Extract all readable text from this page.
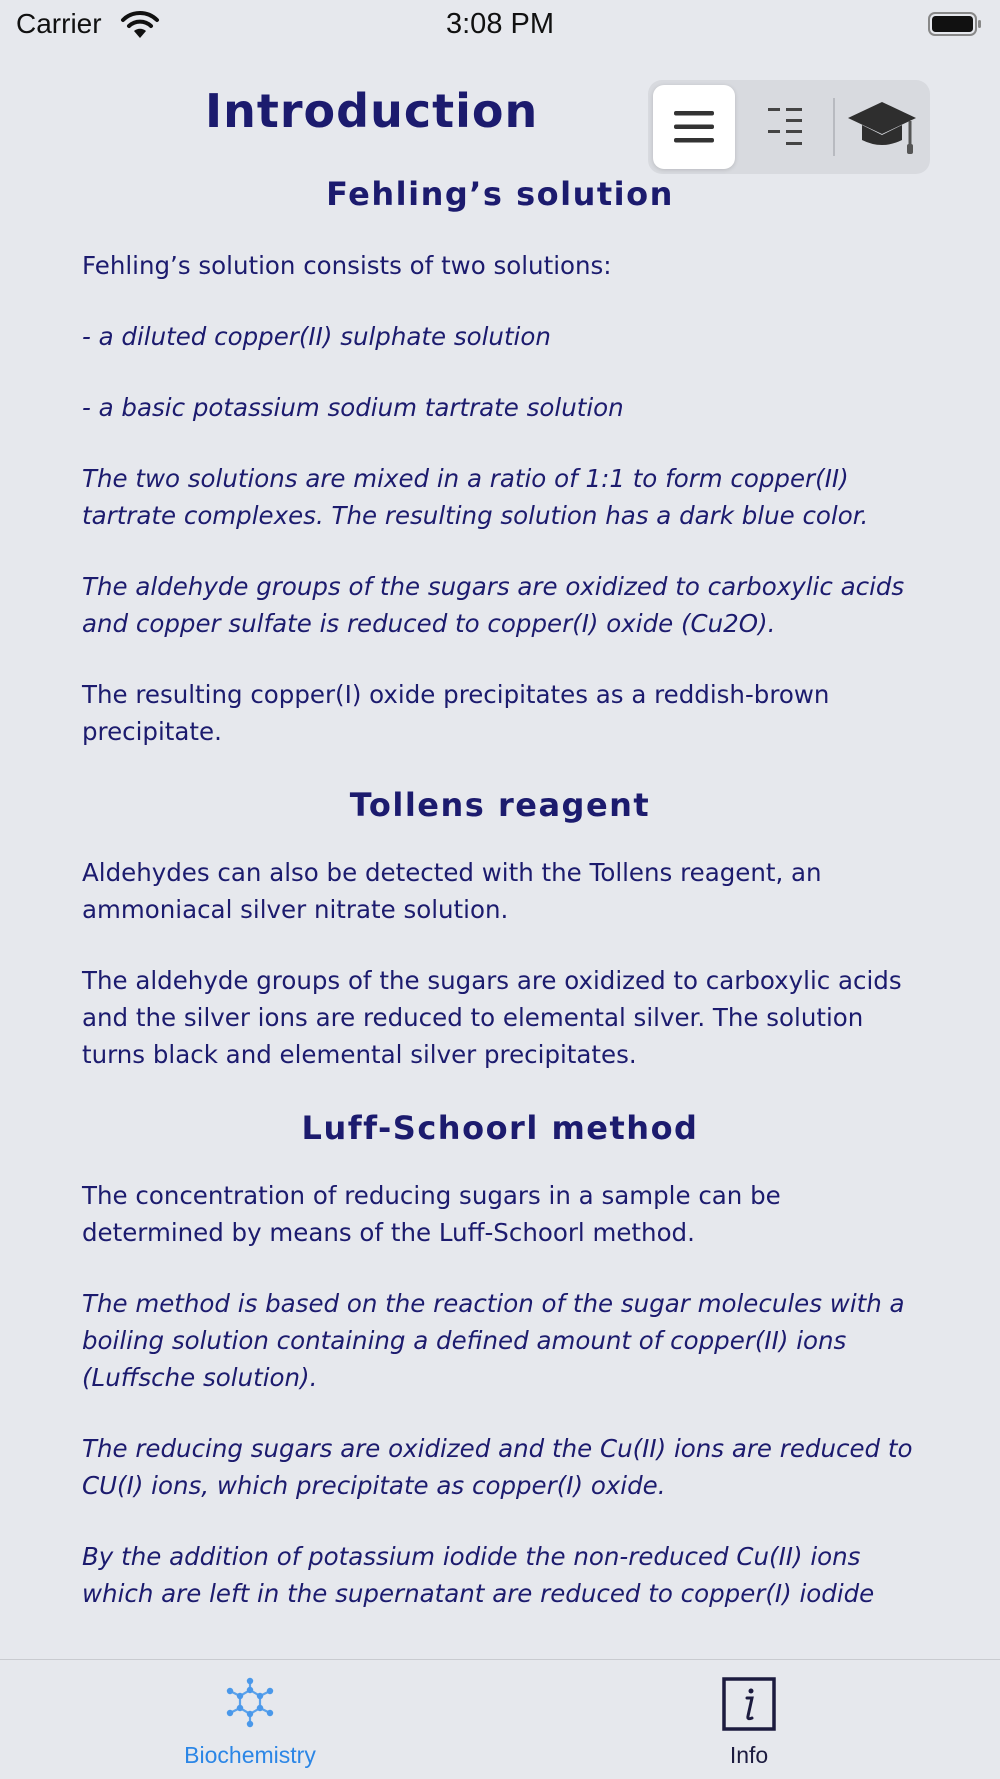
Carrier	3:08 PM
Introduction
Fehling’s solution

Fehling’s solution consists of two solutions:

- a diluted copper(II) sulphate solution

- a basic potassium sodium tartrate solution

The two solutions are mixed in a ratio of 1:1 to form copper(II) tartrate complexes. The resulting solution has a dark blue color.

The aldehyde groups of the sugars are oxidized to carboxylic acids and copper sulfate is reduced to copper(I) oxide (Cu2O).

The resulting copper(I) oxide precipitates as a reddish-brown precipitate.

Tollens reagent

Aldehydes can also be detected with the Tollens reagent, an ammoniacal silver nitrate solution.

The aldehyde groups of the sugars are oxidized to carboxylic acids and the silver ions are reduced to elemental silver. The solution turns black and elemental silver precipitates.

Luff-Schoorl method

The concentration of reducing sugars in a sample can be determined by means of the Luff-Schoorl method.

The method is based on the reaction of the sugar molecules with a boiling solution containing a defined amount of copper(II) ions (Luffsche solution).

The reducing sugars are oxidized and the Cu(II) ions are reduced to CU(I) ions, which precipitate as copper(I) oxide.

By the addition of potassium iodide the non-reduced Cu(II) ions which are left in the supernatant are reduced to copper(I) iodide

Biochemistry	Info
